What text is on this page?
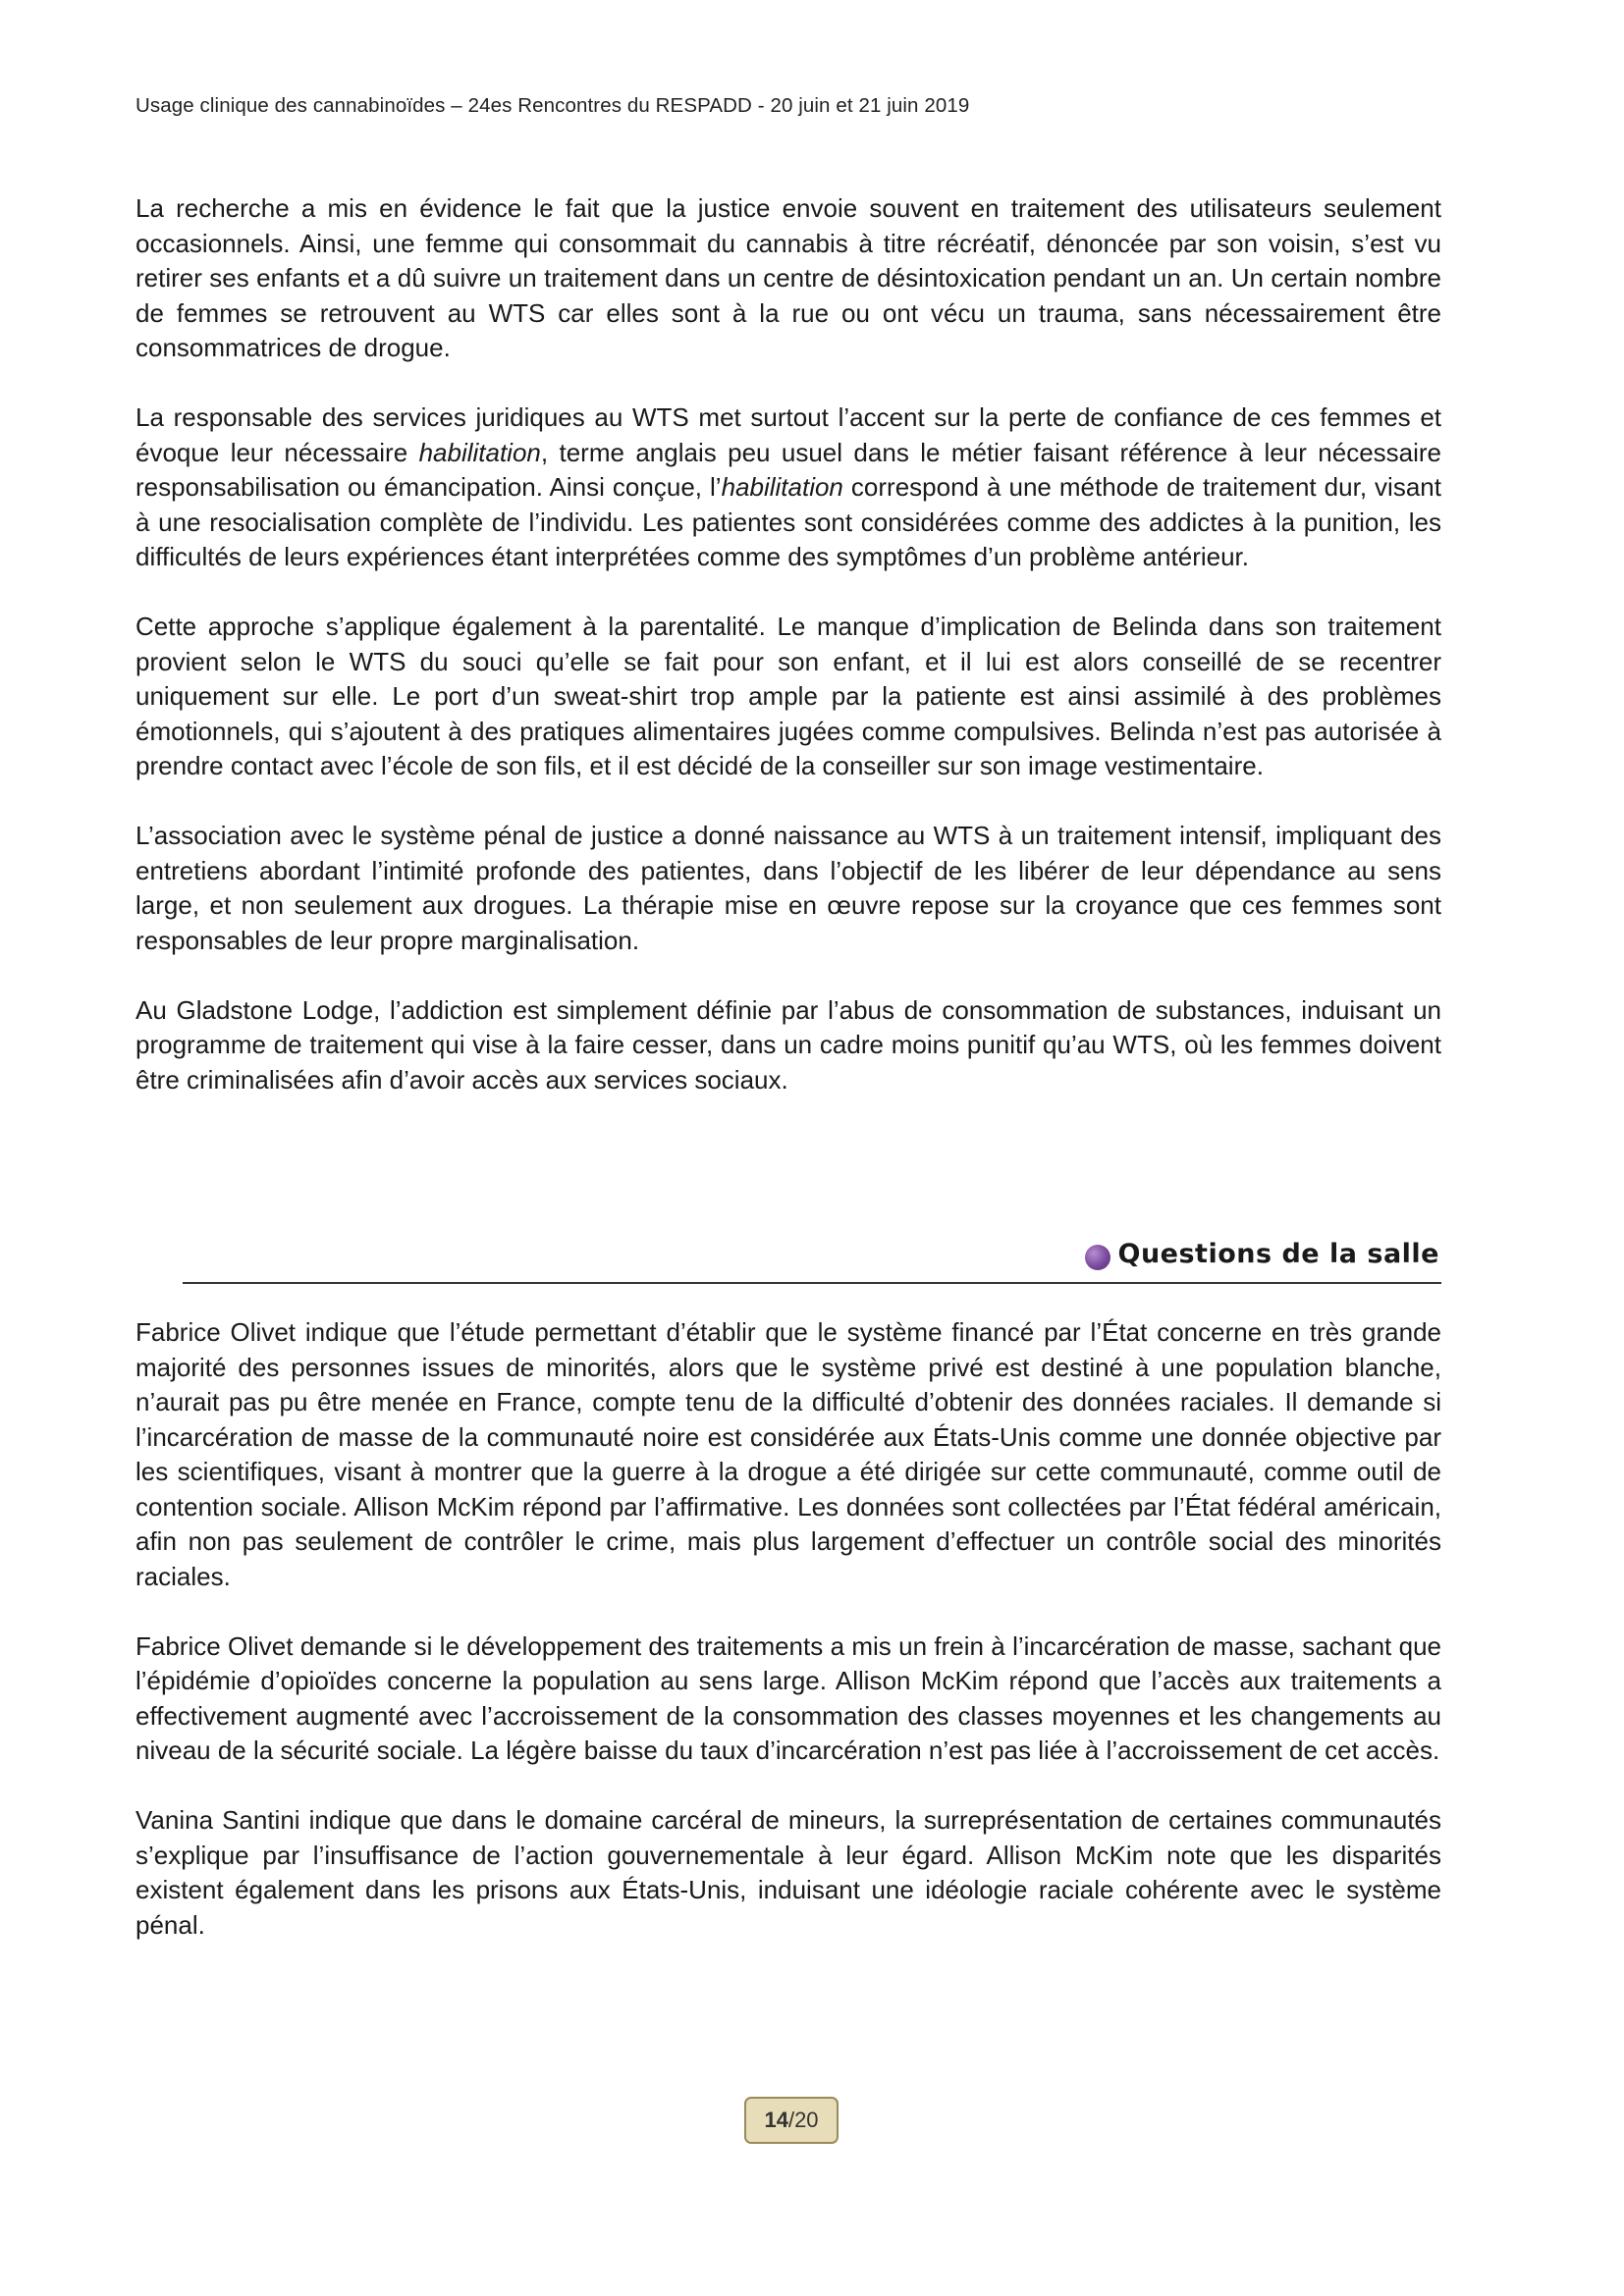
Usage clinique des cannabinoïdes – 24es Rencontres du RESPADD - 20 juin et 21 juin 2019

La recherche a mis en évidence le fait que la justice envoie souvent en traitement des utilisateurs seulement occasionnels. Ainsi, une femme qui consommait du cannabis à titre récréatif, dénoncée par son voisin, s’est vu retirer ses enfants et a dû suivre un traitement dans un centre de désintoxication pendant un an. Un certain nombre de femmes se retrouvent au WTS car elles sont à la rue ou ont vécu un trauma, sans nécessairement être consommatrices de drogue.

La responsable des services juridiques au WTS met surtout l’accent sur la perte de confiance de ces femmes et évoque leur nécessaire habilitation, terme anglais peu usuel dans le métier faisant référence à leur nécessaire responsabilisation ou émancipation. Ainsi conçue, l’habilitation correspond à une méthode de traitement dur, visant à une resocialisation complète de l’individu. Les patientes sont considérées comme des addictes à la punition, les difficultés de leurs expériences étant interprétées comme des symptômes d’un problème antérieur.

Cette approche s’applique également à la parentalité. Le manque d’implication de Belinda dans son traitement provient selon le WTS du souci qu’elle se fait pour son enfant, et il lui est alors conseillé de se recentrer uniquement sur elle. Le port d’un sweat-shirt trop ample par la patiente est ainsi assimilé à des problèmes émotionnels, qui s’ajoutent à des pratiques alimentaires jugées comme compulsives. Belinda n’est pas autorisée à prendre contact avec l’école de son fils, et il est décidé de la conseiller sur son image vestimentaire.

L’association avec le système pénal de justice a donné naissance au WTS à un traitement intensif, impliquant des entretiens abordant l’intimité profonde des patientes, dans l’objectif de les libérer de leur dépendance au sens large, et non seulement aux drogues. La thérapie mise en œuvre repose sur la croyance que ces femmes sont responsables de leur propre marginalisation.

Au Gladstone Lodge, l’addiction est simplement définie par l’abus de consommation de substances, induisant un programme de traitement qui vise à la faire cesser, dans un cadre moins punitif qu’au WTS, où les femmes doivent être criminalisées afin d’avoir accès aux services sociaux.

Questions de la salle

Fabrice Olivet indique que l’étude permettant d’établir que le système financé par l’État concerne en très grande majorité des personnes issues de minorités, alors que le système privé est destiné à une population blanche, n’aurait pas pu être menée en France, compte tenu de la difficulté d’obtenir des données raciales. Il demande si l’incarcération de masse de la communauté noire est considérée aux États-Unis comme une donnée objective par les scientifiques, visant à montrer que la guerre à la drogue a été dirigée sur cette communauté, comme outil de contention sociale. Allison McKim répond par l’affirmative. Les données sont collectées par l’État fédéral américain, afin non pas seulement de contrôler le crime, mais plus largement d’effectuer un contrôle social des minorités raciales.

Fabrice Olivet demande si le développement des traitements a mis un frein à l’incarcération de masse, sachant que l’épidémie d’opioïdes concerne la population au sens large. Allison McKim répond que l’accès aux traitements a effectivement augmenté avec l’accroissement de la consommation des classes moyennes et les changements au niveau de la sécurité sociale. La légère baisse du taux d’incarcération n’est pas liée à l’accroissement de cet accès.

Vanina Santini indique que dans le domaine carcéral de mineurs, la surreprésentation de certaines communautés s’explique par l’insuffisance de l’action gouvernementale à leur égard. Allison McKim note que les disparités existent également dans les prisons aux États-Unis, induisant une idéologie raciale cohérente avec le système pénal.

14/20
